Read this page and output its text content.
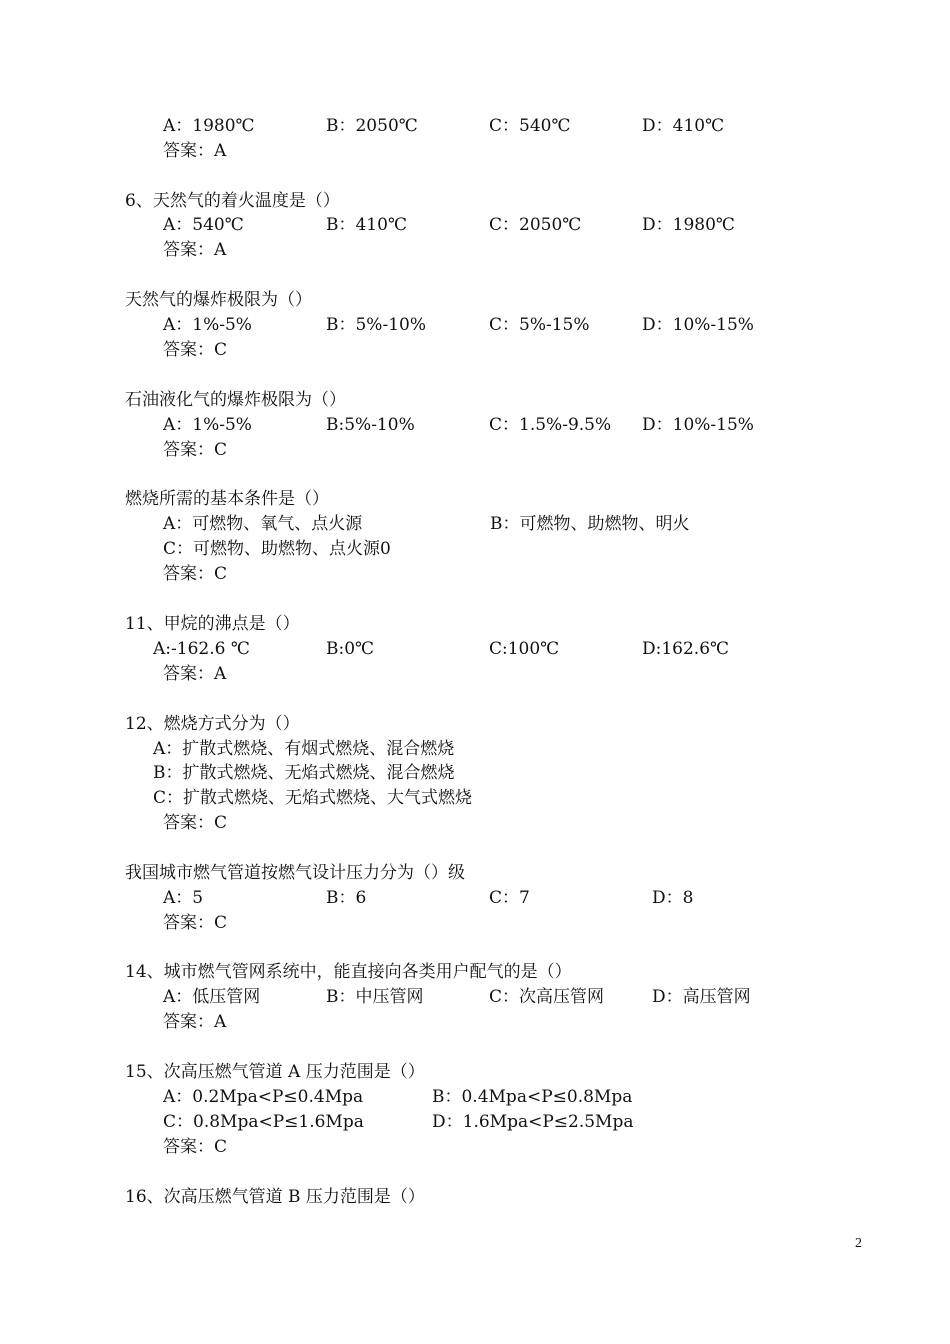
A：1980℃	B：2050℃	C：540℃	D：410℃
答案：A
6、天然气的着火温度是（）
A：540℃	B：410℃	C：2050℃	D：1980℃
答案：A
天然气的爆炸极限为（）
A：1%-5%	B：5%-10%	C：5%-15%	D：10%-15%
答案：C
石油液化气的爆炸极限为（）
A：1%-5%	B:5%-10%	C：1.5%-9.5% D：10%-15%
答案：C
燃烧所需的基本条件是（）
A：可燃物、氧气、点火源	B：可燃物、助燃物、明火
C：可燃物、助燃物、点火源0
答案：C
11、甲烷的沸点是（）
A:-162.6 ℃	B:0℃	C:100℃	D:162.6℃
答案：A
12、燃烧方式分为（）
A：扩散式燃烧、有烟式燃烧、混合燃烧
B：扩散式燃烧、无焰式燃烧、混合燃烧
C：扩散式燃烧、无焰式燃烧、大气式燃烧
答案：C
我国城市燃气管道按燃气设计压力分为（）级
A：5	B：6	C：7	D：8
答案：C
14、城市燃气管网系统中，能直接向各类用户配气的是（）
A：低压管网	B：中压管网	C：次高压管网	D：高压管网
答案：A
15、次高压燃气管道 A 压力范围是（）
A：0.2Mpa<P≤0.4Mpa	B：0.4Mpa<P≤0.8Mpa
C：0.8Mpa<P≤1.6Mpa	D：1.6Mpa<P≤2.5Mpa
答案：C
16、次高压燃气管道 B 压力范围是（）
2
